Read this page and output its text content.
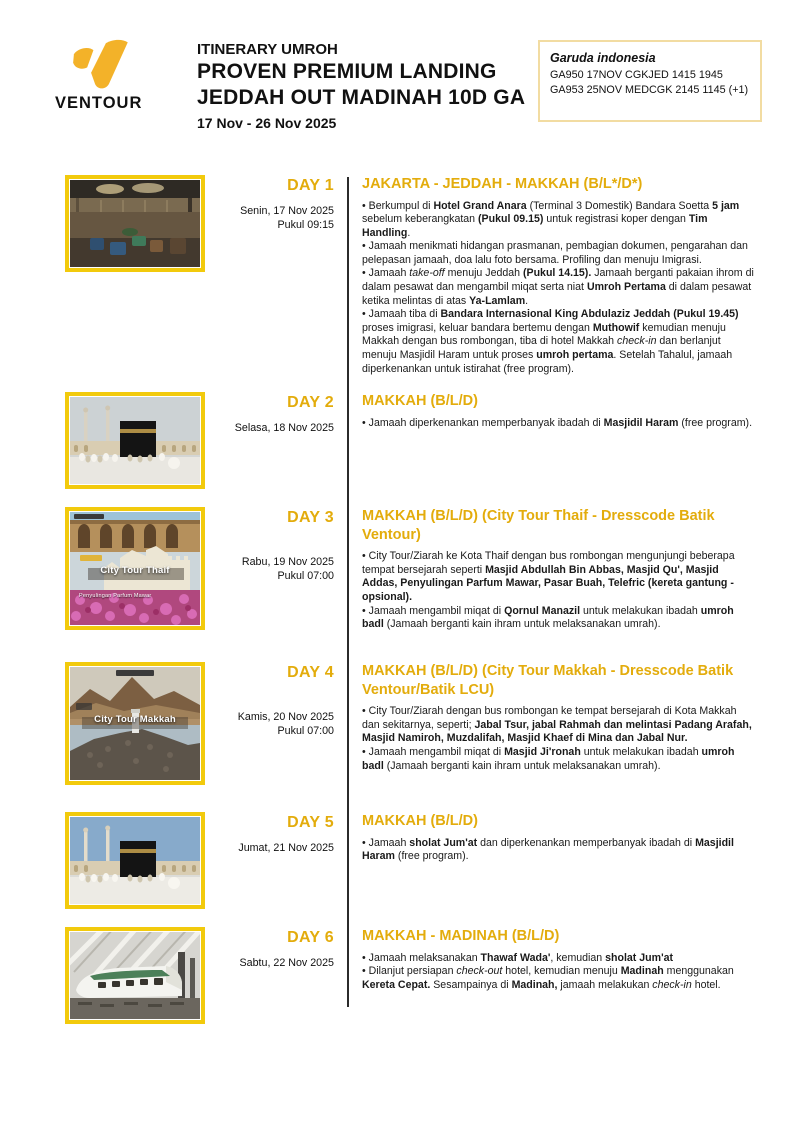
VENTOUR
ITINERARY UMROH
PROVEN PREMIUM LANDING
JEDDAH OUT MADINAH 10D GA
17 Nov - 26 Nov 2025
Garuda indonesia
GA950 17NOV CGKJED 1415 1945
GA953 25NOV MEDCGK 2145 1145 (+1)
DAY 1
Senin, 17 Nov 2025
Pukul 09:15
JAKARTA - JEDDAH - MAKKAH (B/L*/D*)
• Berkumpul di Hotel Grand Anara (Terminal 3 Domestik) Bandara Soetta 5 jam sebelum keberangkatan (Pukul 09.15) untuk registrasi koper dengan Tim Handling.
• Jamaah menikmati hidangan prasmanan, pembagian dokumen, pengarahan dan pelepasan jamaah, doa lalu foto bersama. Profiling dan menuju Imigrasi.
• Jamaah take-off menuju Jeddah (Pukul 14.15). Jamaah berganti pakaian ihrom di dalam pesawat dan mengambil miqat serta niat Umroh Pertama di dalam pesawat ketika melintas di atas Ya-Lamlam.
• Jamaah tiba di Bandara Internasional King Abdulaziz Jeddah (Pukul 19.45) proses imigrasi, keluar bandara bertemu dengan Muthowif kemudian menuju Makkah dengan bus rombongan, tiba di hotel Makkah check-in dan berlanjut menuju Masjidil Haram untuk proses umroh pertama. Setelah Tahalul, jamaah diperkenankan untuk istirahat (free program).
DAY 2
Selasa, 18 Nov 2025
MAKKAH (B/L/D)
• Jamaah diperkenankan memperbanyak ibadah di Masjidil Haram (free program).
City Tour Thaif
Penyulingan Parfum Mawar
DAY 3
Rabu, 19 Nov 2025
Pukul 07:00
MAKKAH (B/L/D) (City Tour Thaif - Dresscode Batik Ventour)
• City Tour/Ziarah ke Kota Thaif dengan bus rombongan mengunjungi beberapa tempat bersejarah seperti Masjid Abdullah Bin Abbas, Masjid Qu', Masjid Addas, Penyulingan Parfum Mawar, Pasar Buah, Telefric (kereta gantung - opsional).
• Jamaah mengambil miqat di Qornul Manazil untuk melakukan ibadah umroh badl (Jamaah berganti kain ihram untuk melaksanakan umrah).
City Tour Makkah
DAY 4
Kamis, 20 Nov 2025
Pukul 07:00
MAKKAH (B/L/D) (City Tour Makkah - Dresscode Batik Ventour/Batik LCU)
• City Tour/Ziarah dengan bus rombongan ke tempat bersejarah di Kota Makkah dan sekitarnya, seperti; Jabal Tsur, jabal Rahmah dan melintasi Padang Arafah, Masjid Namiroh, Muzdalifah, Masjid Khaef di Mina dan Jabal Nur.
• Jamaah mengambil miqat di Masjid Ji'ronah untuk melakukan ibadah umroh badl (Jamaah berganti kain ihram untuk melaksanakan umrah).
DAY 5
Jumat, 21 Nov 2025
MAKKAH (B/L/D)
• Jamaah sholat Jum'at dan diperkenankan memperbanyak ibadah di Masjidil Haram (free program).
DAY 6
Sabtu, 22 Nov 2025
MAKKAH - MADINAH (B/L/D)
• Jamaah melaksanakan Thawaf Wada', kemudian sholat Jum'at
• Dilanjut persiapan check-out hotel, kemudian menuju Madinah menggunakan Kereta Cepat. Sesampainya di Madinah, jamaah melakukan check-in hotel.
